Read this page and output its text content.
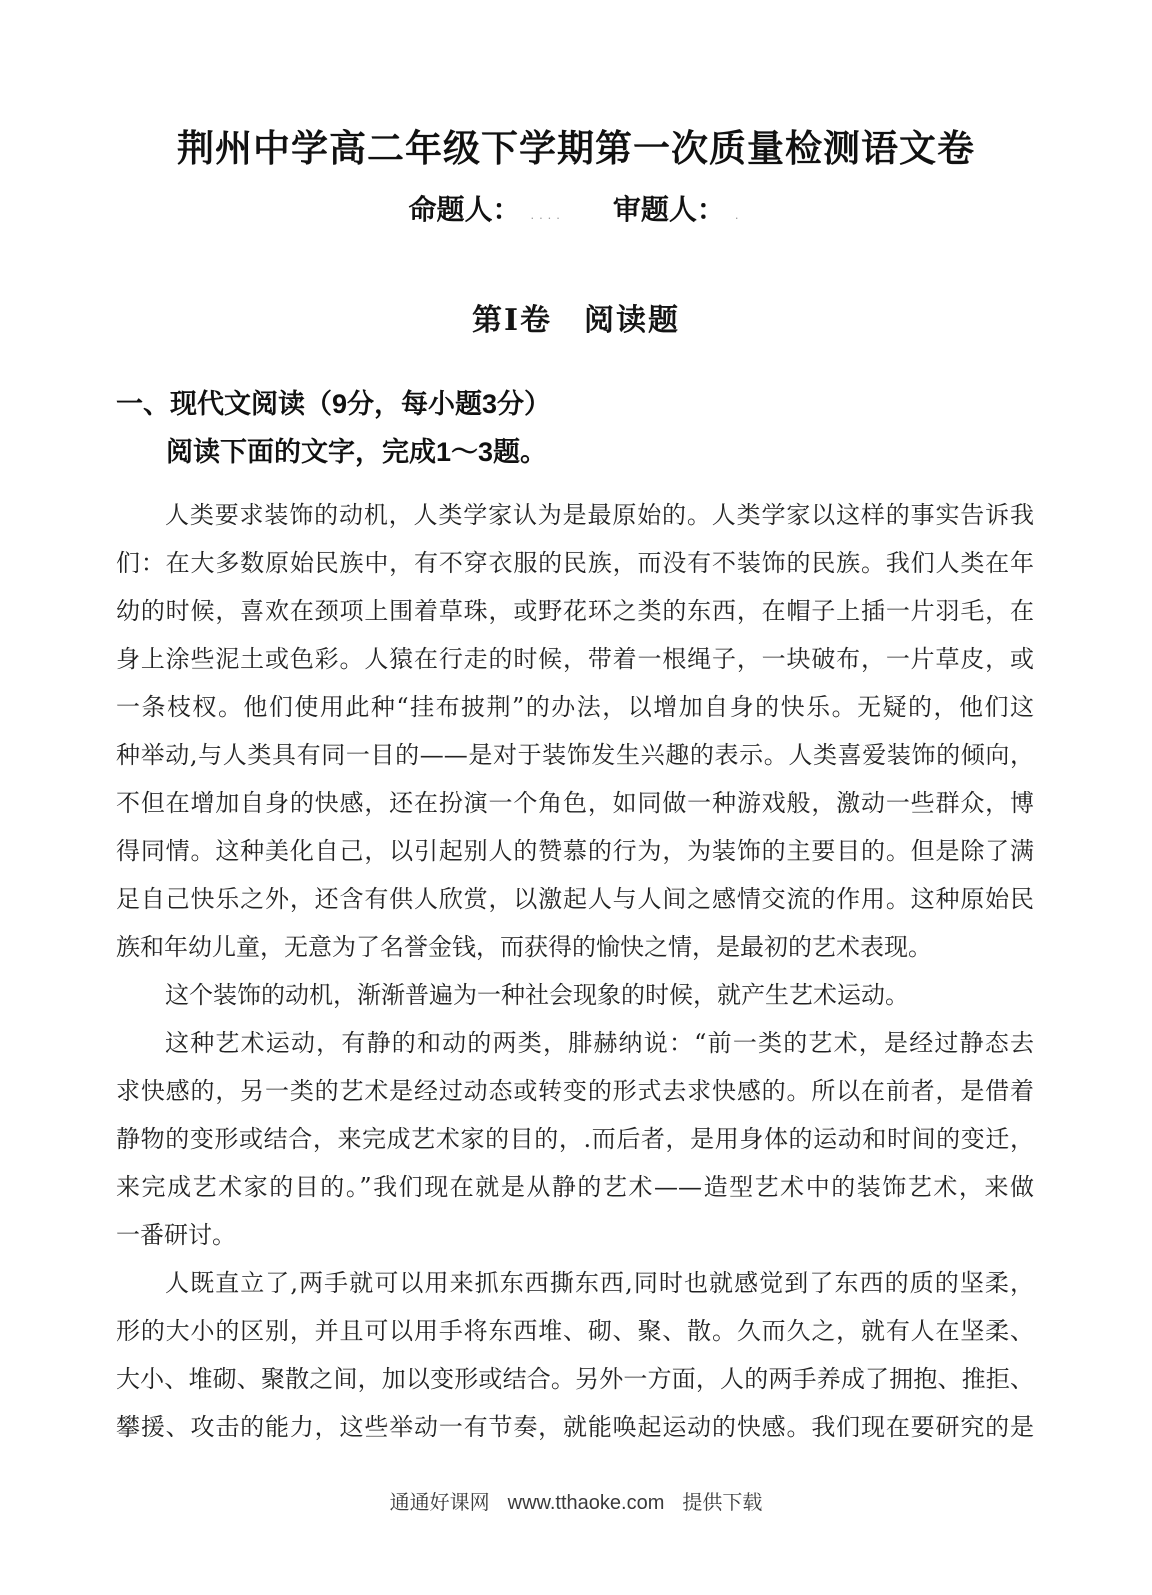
荆州中学高二年级下学期第一次质量检测语文卷
命题人： .... 审题人： .
第Ⅰ卷　阅读题
一、现代文阅读（9分，每小题3分）
阅读下面的文字，完成1～3题。
人类要求装饰的动机，人类学家认为是最原始的。人类学家以这样的事实告诉我
们：在大多数原始民族中，有不穿衣服的民族，而没有不装饰的民族。我们人类在年
幼的时候，喜欢在颈项上围着草珠，或野花环之类的东西，在帽子上插一片羽毛，在
身上涂些泥土或色彩。人猿在行走的时候，带着一根绳子，一块破布，一片草皮，或
一条枝杈。他们使用此种“挂布披荆”的办法，以增加自身的快乐。无疑的，他们这
种举动,与人类具有同一目的——是对于装饰发生兴趣的表示。人类喜爱装饰的倾向，
不但在增加自身的快感，还在扮演一个角色，如同做一种游戏般，激动一些群众，博
得同情。这种美化自己，以引起别人的赞慕的行为，为装饰的主要目的。但是除了满
足自己快乐之外，还含有供人欣赏，以激起人与人间之感情交流的作用。这种原始民
族和年幼儿童，无意为了名誉金钱，而获得的愉快之情，是最初的艺术表现。
这个装饰的动机，渐渐普遍为一种社会现象的时候，就产生艺术运动。
这种艺术运动，有静的和动的两类，腓赫纳说：“前一类的艺术，是经过静态去
求快感的，另一类的艺术是经过动态或转变的形式去求快感的。所以在前者，是借着
静物的变形或结合，来完成艺术家的目的，.而后者，是用身体的运动和时间的变迁，
来完成艺术家的目的。”我们现在就是从静的艺术——造型艺术中的装饰艺术，来做
一番研讨。
人既直立了,两手就可以用来抓东西撕东西,同时也就感觉到了东西的质的坚柔，
形的大小的区别，并且可以用手将东西堆、砌、聚、散。久而久之，就有人在坚柔、
大小、堆砌、聚散之间，加以变形或结合。另外一方面，人的两手养成了拥抱、推拒、
攀援、攻击的能力，这些举动一有节奏，就能唤起运动的快感。我们现在要研究的是
通通好课网 www.tthaoke.com 提供下载
